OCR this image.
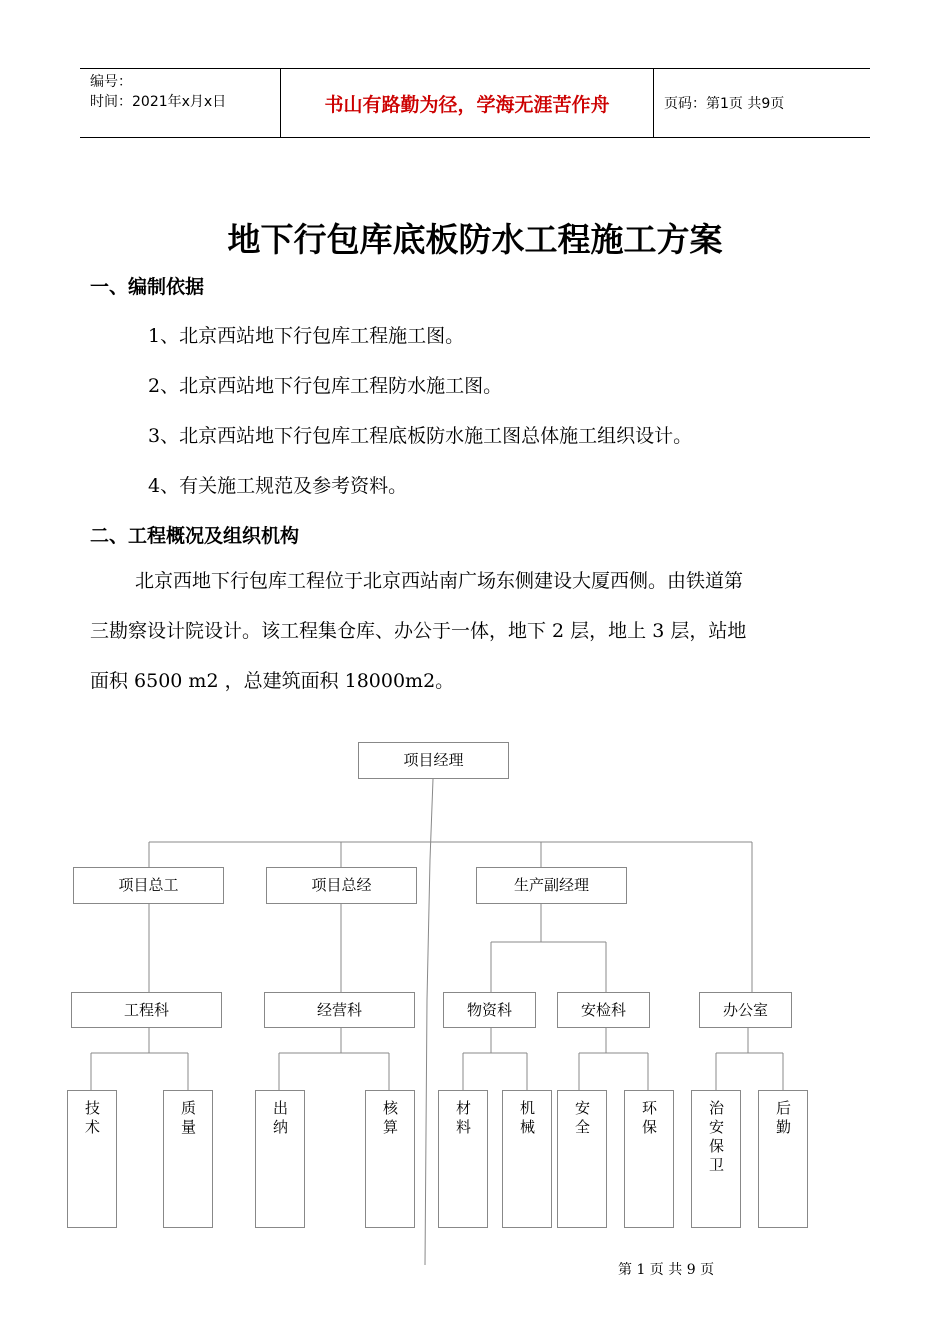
编号：
时间：2021年x月x日	书山有路勤为径，学海无涯苦作舟	页码：第1页 共9页
地下行包库底板防水工程施工方案
一、编制依据
1、北京西站地下行包库工程施工图。
2、北京西站地下行包库工程防水施工图。
3、北京西站地下行包库工程底板防水施工图总体施工组织设计。
4、有关施工规范及参考资料。
二、工程概况及组织机构
北京西地下行包库工程位于北京西站南广场东侧建设大厦西侧。由铁道第
三勘察设计院设计。该工程集仓库、办公于一体，地下 2 层，地上 3 层，站地
面积 6500 m2 ，总建筑面积 18000m2。
项目经理
项目总工	项目总经	生产副经理
工程科	经营科	物资科	安检科	办公室
技术
质量
出纳
核算
材料
机械
安全
环保
治安保卫
后勤
第 1 页 共 9 页
